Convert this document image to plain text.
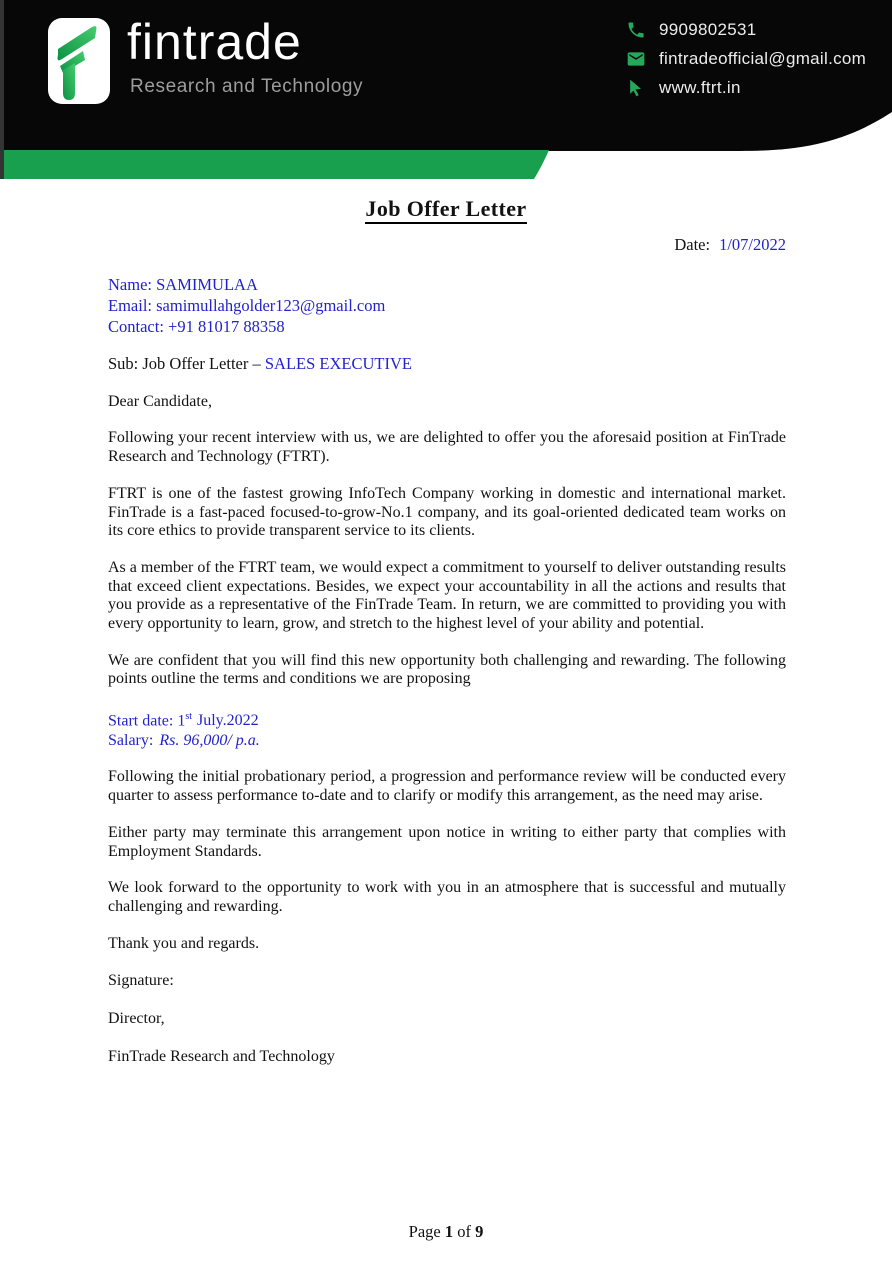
fintrade
Research and Technology
9909802531
fintradeofficial@gmail.com
www.ftrt.in
Job Offer Letter
Date: 1/07/2022
Name: SAMIMULAA
Email: samimullahgolder123@gmail.com
Contact: +91 81017 88358
Sub: Job Offer Letter – SALES EXECUTIVE
Dear Candidate,

Following your recent interview with us, we are delighted to offer you the aforesaid position at FinTrade Research and Technology (FTRT).

FTRT is one of the fastest growing InfoTech Company working in domestic and international market. FinTrade is a fast-paced focused-to-grow-No.1 company, and its goal-oriented dedicated team works on its core ethics to provide transparent service to its clients.

As a member of the FTRT team, we would expect a commitment to yourself to deliver outstanding results that exceed client expectations. Besides, we expect your accountability in all the actions and results that you provide as a representative of the FinTrade Team. In return, we are committed to providing you with every opportunity to learn, grow, and stretch to the highest level of your ability and potential.

We are confident that you will find this new opportunity both challenging and rewarding. The following points outline the terms and conditions we are proposing

Start date: 1st July.2022
Salary: Rs. 96,000/ p.a.

Following the initial probationary period, a progression and performance review will be conducted every quarter to assess performance to-date and to clarify or modify this arrangement, as the need may arise.

Either party may terminate this arrangement upon notice in writing to either party that complies with Employment Standards.

We look forward to the opportunity to work with you in an atmosphere that is successful and mutually challenging and rewarding.

Thank you and regards.

Signature:

Director,

FinTrade Research and Technology

Page 1 of 9
